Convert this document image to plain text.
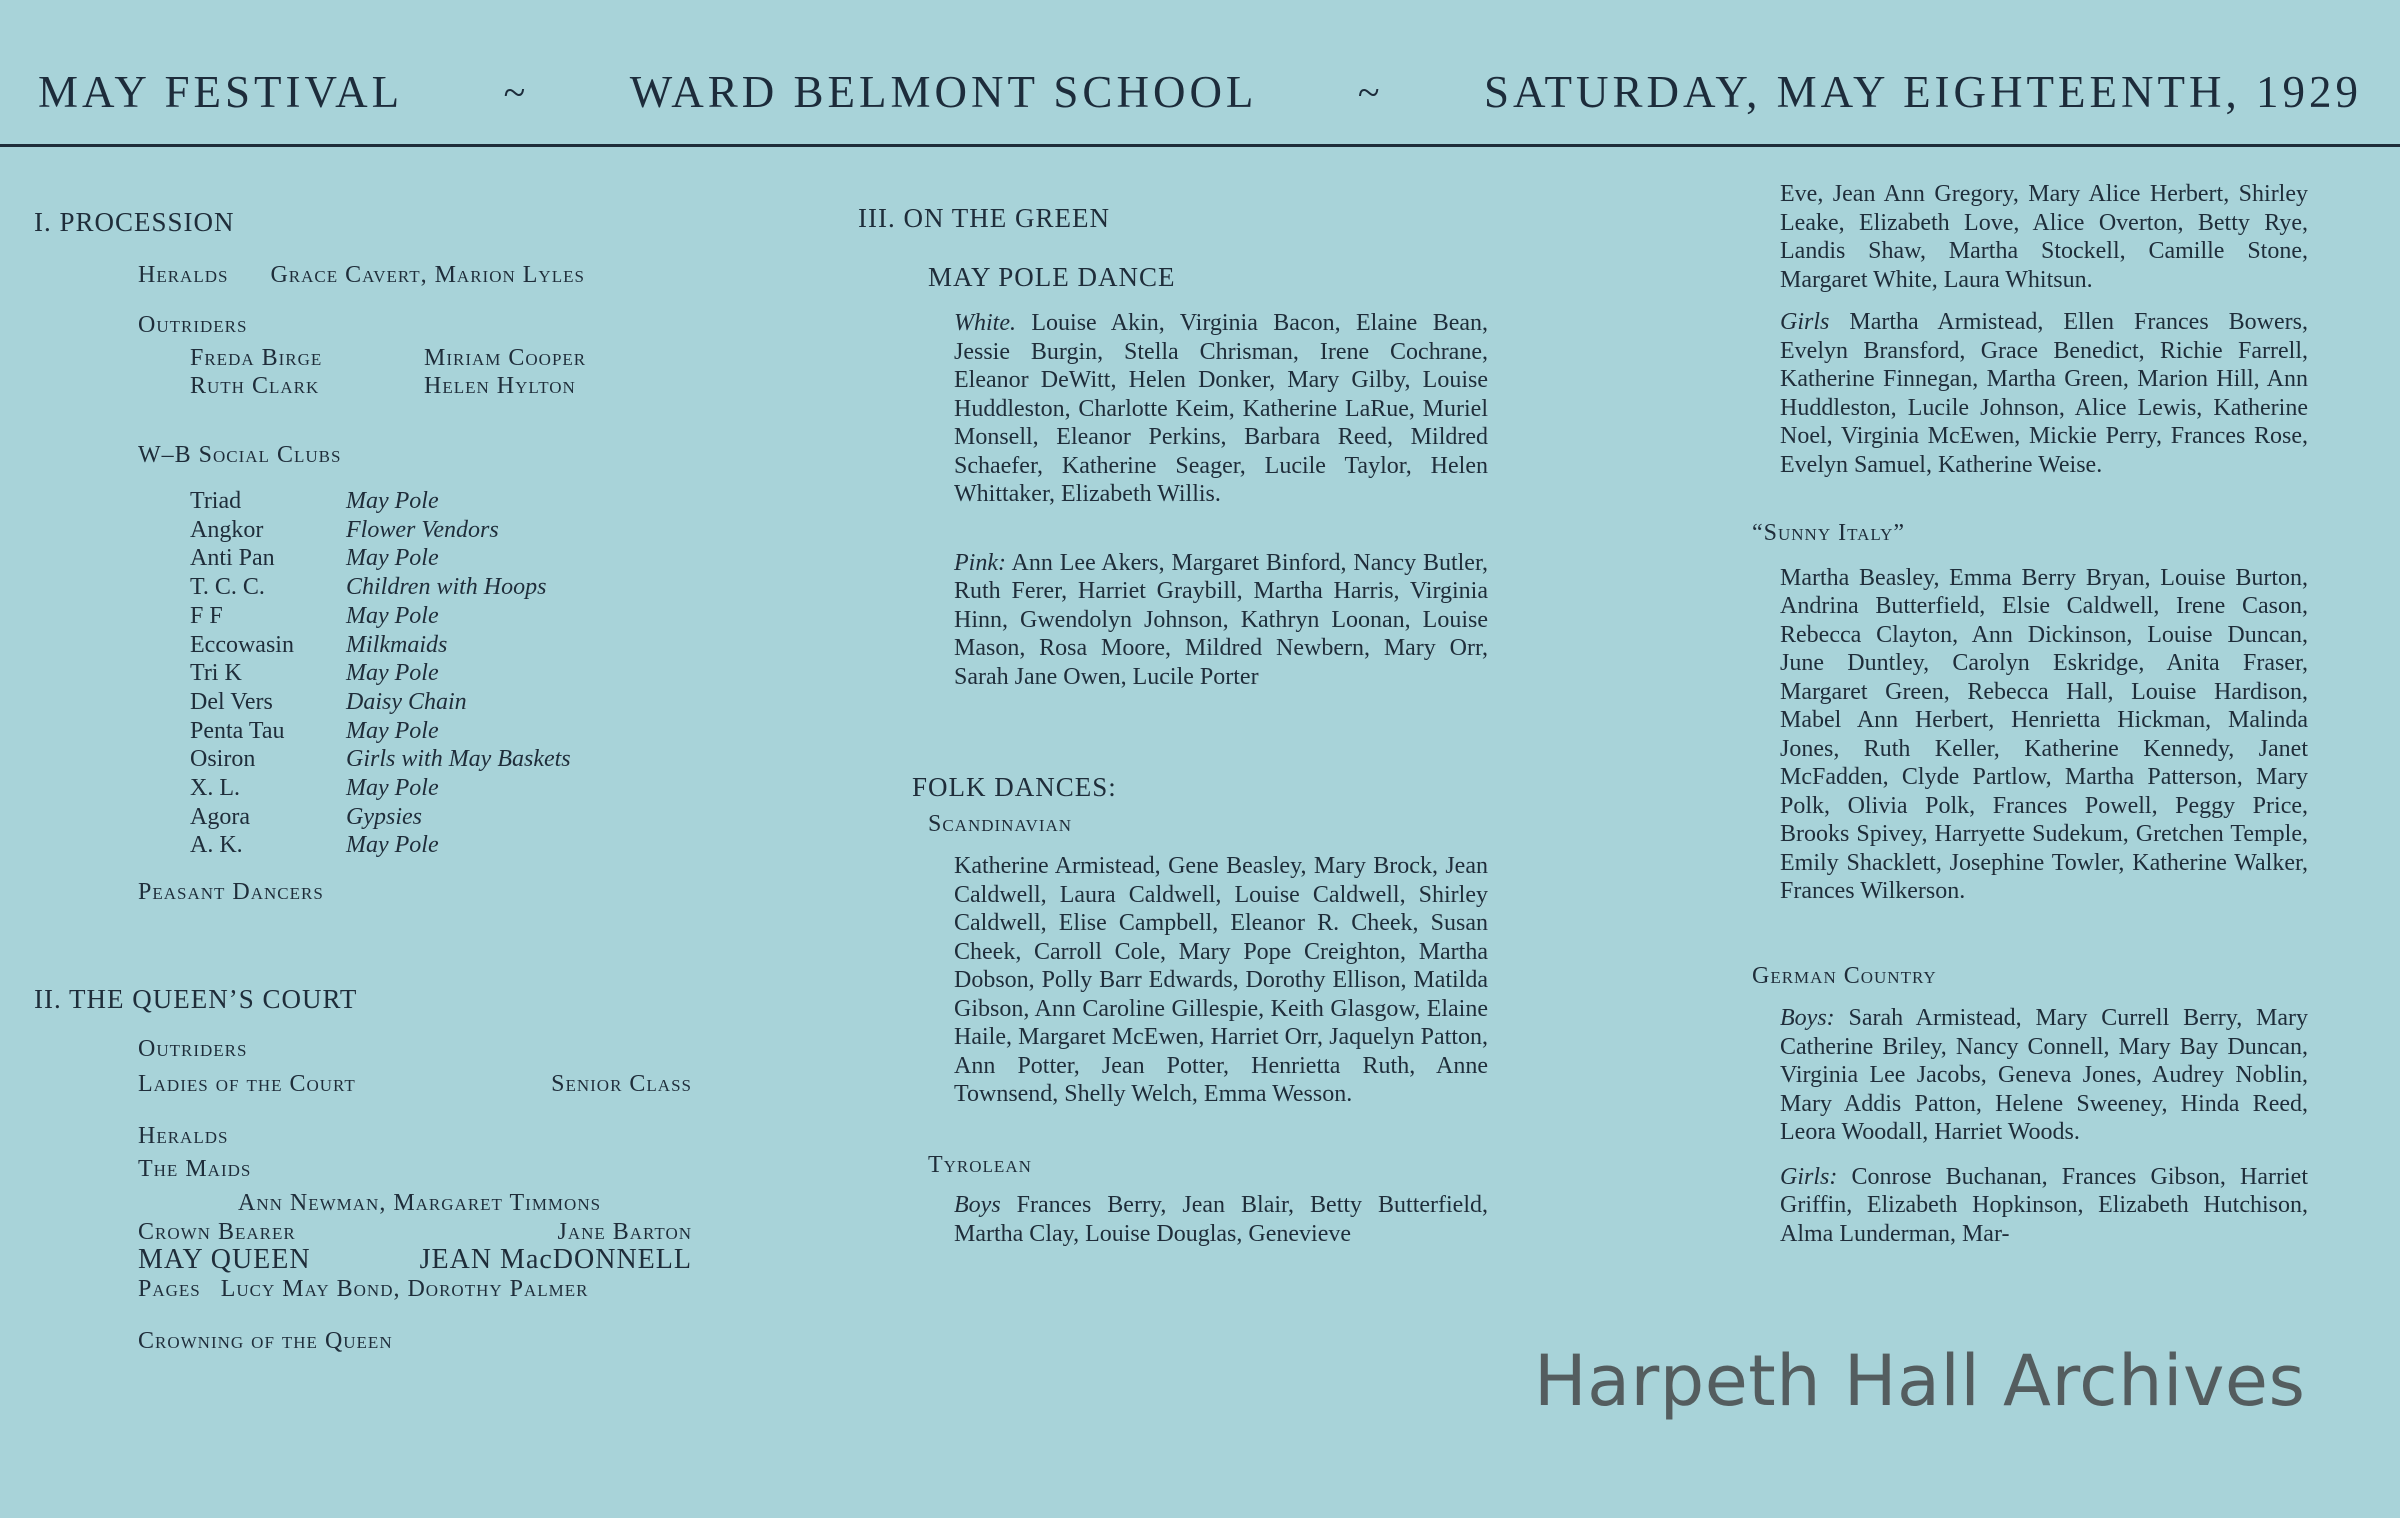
MAY FESTIVAL	~ WARD BELMONT SCHOOL	~ SATURDAY, MAY EIGHTEENTH, 1929
I. PROCESSION
Heralds Grace Cavert, Marion Lyles
Outriders
Freda Birge	Miriam Cooper
Ruth Clark	Helen Hylton
W–B Social Clubs
Triad	May Pole
Angkor	Flower Vendors
Anti Pan	May Pole
T. C. C.	Children with Hoops
F F	May Pole
Eccowasin	Milkmaids
Tri K	May Pole
Del Vers	Daisy Chain
Penta Tau	May Pole
Osiron	Girls with May Baskets
X. L.	May Pole
Agora	Gypsies
A. K.	May Pole
Peasant Dancers
II. THE QUEEN’S COURT
Outriders
Ladies of the Court	Senior Class
Heralds
The Maids
Ann Newman, Margaret Timmons
Crown Bearer	Jane Barton
MAY QUEEN	JEAN MacDONNELL
Pages Lucy May Bond, Dorothy Palmer
Crowning of the Queen
III. ON THE GREEN
MAY POLE DANCE

White. Louise Akin, Virginia Bacon, Elaine Bean, Jessie Burgin, Stella Chrisman, Irene Cochrane, Eleanor DeWitt, Helen Donker, Mary Gilby, Louise Huddleston, Charlotte Keim, Katherine LaRue, Muriel Monsell, Eleanor Perkins, Barbara Reed, Mildred Schaefer, Katherine Seager, Lucile Taylor, Helen Whittaker, Elizabeth Willis.

Pink: Ann Lee Akers, Margaret Binford, Nancy Butler, Ruth Ferer, Harriet Graybill, Martha Harris, Virginia Hinn, Gwendolyn Johnson, Kathryn Loonan, Louise Mason, Rosa Moore, Mildred Newbern, Mary Orr, Sarah Jane Owen, Lucile Porter

FOLK DANCES:
Scandinavian

Katherine Armistead, Gene Beasley, Mary Brock, Jean Caldwell, Laura Caldwell, Louise Caldwell, Shirley Caldwell, Elise Campbell, Eleanor R. Cheek, Susan Cheek, Carroll Cole, Mary Pope Creighton, Martha Dobson, Polly Barr Edwards, Dorothy Ellison, Matilda Gibson, Ann Caroline Gillespie, Keith Glasgow, Elaine Haile, Margaret McEwen, Harriet Orr, Jaquelyn Patton, Ann Potter, Jean Potter, Henrietta Ruth, Anne Townsend, Shelly Welch, Emma Wesson.

Tyrolean

Boys Frances Berry, Jean Blair, Betty Butterfield, Martha Clay, Louise Douglas, Genevieve

Eve, Jean Ann Gregory, Mary Alice Herbert, Shirley Leake, Elizabeth Love, Alice Overton, Betty Rye, Landis Shaw, Martha Stockell, Camille Stone, Margaret White, Laura Whitsun.

Girls Martha Armistead, Ellen Frances Bowers, Evelyn Bransford, Grace Benedict, Richie Farrell, Katherine Finnegan, Martha Green, Marion Hill, Ann Huddleston, Lucile Johnson, Alice Lewis, Katherine Noel, Virginia McEwen, Mickie Perry, Frances Rose, Evelyn Samuel, Katherine Weise.

“Sunny Italy”

Martha Beasley, Emma Berry Bryan, Louise Burton, Andrina Butterfield, Elsie Caldwell, Irene Cason, Rebecca Clayton, Ann Dickinson, Louise Duncan, June Duntley, Carolyn Eskridge, Anita Fraser, Margaret Green, Rebecca Hall, Louise Hardison, Mabel Ann Herbert, Henrietta Hickman, Malinda Jones, Ruth Keller, Katherine Kennedy, Janet McFadden, Clyde Partlow, Martha Patterson, Mary Polk, Olivia Polk, Frances Powell, Peggy Price, Brooks Spivey, Harryette Sudekum, Gretchen Temple, Emily Shacklett, Josephine Towler, Katherine Walker, Frances Wilkerson.

German Country

Boys: Sarah Armistead, Mary Currell Berry, Mary Catherine Briley, Nancy Connell, Mary Bay Duncan, Virginia Lee Jacobs, Geneva Jones, Audrey Noblin, Mary Addis Patton, Helene Sweeney, Hinda Reed, Leora Woodall, Harriet Woods.

Girls: Conrose Buchanan, Frances Gibson, Harriet Griffin, Elizabeth Hopkinson, Elizabeth Hutchison, Alma Lunderman, Mar-

Harpeth Hall Archives
